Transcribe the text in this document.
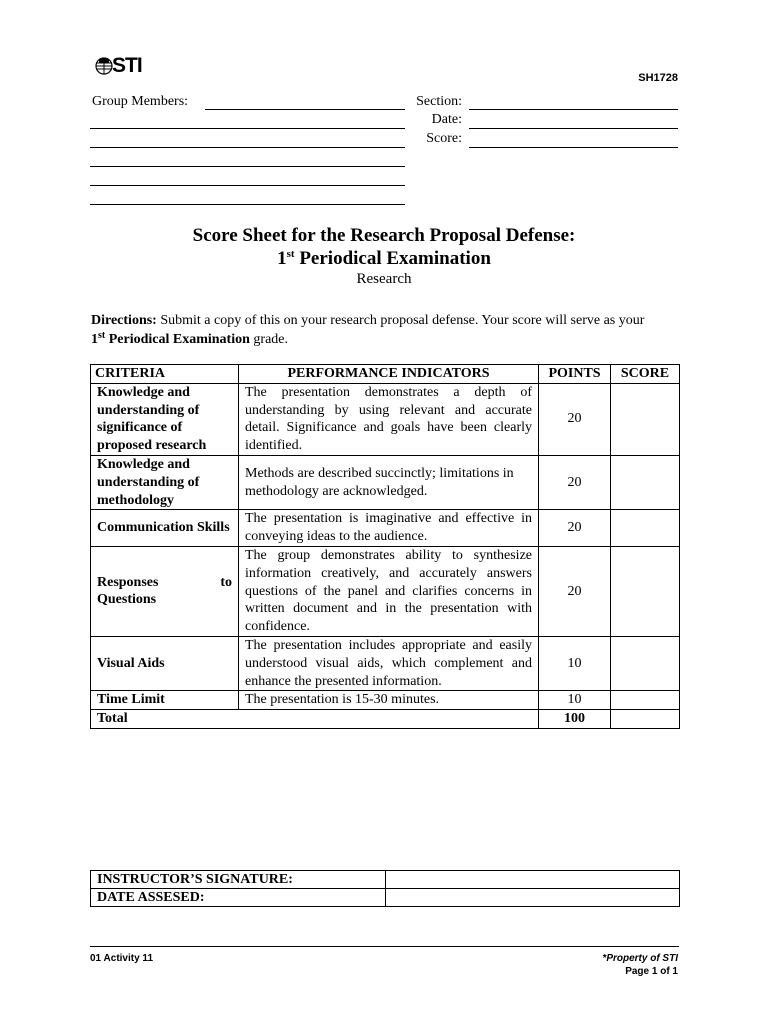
STI
SH1728
Group Members:	Section:
Date:
Score:
Score Sheet for the Research Proposal Defense:
1st Periodical Examination
Research
Directions: Submit a copy of this on your research proposal defense. Your score will serve as your
1st Periodical Examination grade.
CRITERIA	PERFORMANCE INDICATORS	POINTS	SCORE
Knowledge and understanding of significance of proposed research	The presentation demonstrates a depth of understanding by using relevant and accurate detail. Significance and goals have been clearly identified.	20	
Knowledge and understanding of methodology	Methods are described succinctly; limitations in methodology are acknowledged.	20	
Communication Skills	The presentation is imaginative and effective in conveying ideas to the audience.	20	

Responses to
Questions	The group demonstrates ability to synthesize information creatively, and accurately answers questions of the panel and clarifies concerns in written document and in the presentation with confidence.	20	
Visual Aids	The presentation includes appropriate and easily understood visual aids, which complement and enhance the presented information.	10	
Time Limit	The presentation is 15-30 minutes.	10	
Total		100	
INSTRUCTOR’S SIGNATURE:	
DATE ASSESED:	
01 Activity 11	*Property of STI
Page 1 of 1
